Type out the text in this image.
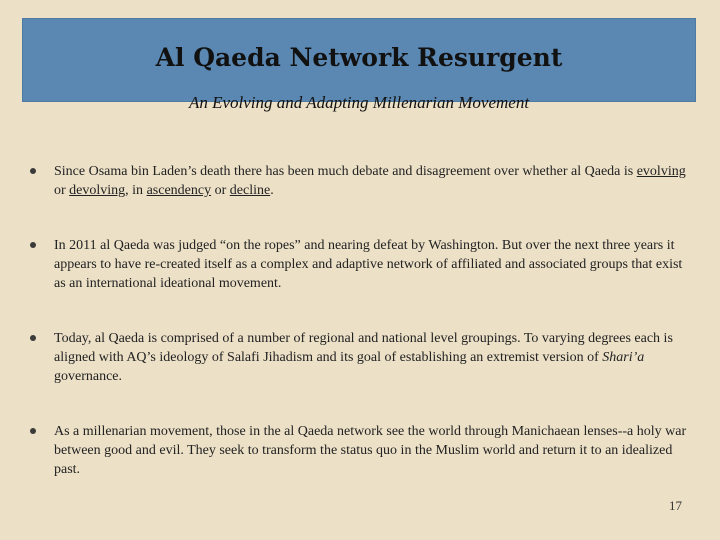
Al Qaeda Network Resurgent

An Evolving and Adapting Millenarian Movement

Since Osama bin Laden’s death there has been much debate and disagreement over whether al Qaeda is evolving or devolving, in ascendency or decline.
In 2011 al Qaeda was judged “on the ropes” and nearing defeat by Washington. But over the next three years it appears to have re-created itself as a complex and adaptive network of affiliated and associated groups that exist as an international ideational movement.
Today, al Qaeda is comprised of a number of regional and national level groupings. To varying degrees each is aligned with AQ’s ideology of Salafi Jihadism and its goal of establishing an extremist version of Shari’a governance.
As a millenarian movement, those in the al Qaeda network see the world through Manichaean lenses--a holy war between good and evil. They seek to transform the status quo in the Muslim world and return it to an idealized past.
17
